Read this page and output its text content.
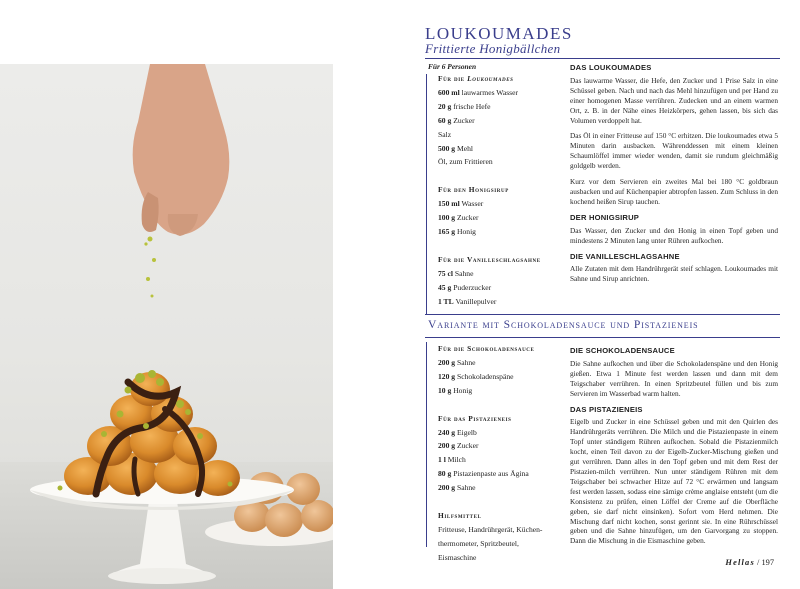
LOUKOUMADES
Frittierte Honigbällchen
Für 6 Personen
Für die Loukoumades
600 ml lauwarmes Wasser
20 g frische Hefe
60 g Zucker
Salz
500 g Mehl
Öl, zum Frittieren
Für den Honigsirup
150 ml Wasser
100 g Zucker
165 g Honig
Für die Vanilleschlagsahne
75 cl Sahne
45 g Puderzucker
1 TL Vanillepulver
DAS LOUKOUMADES
Das lauwarme Wasser, die Hefe, den Zucker und 1 Prise Salz in eine Schüssel geben. Nach und nach das Mehl hinzufügen und per Hand zu einer homogenen Masse verrühren. Zudecken und an einem warmen Ort, z. B. in der Nähe eines Heizkörpers, gehen lassen, bis sich das Volumen verdoppelt hat.
Das Öl in einer Fritteuse auf 150 °C erhitzen. Die loukoumades etwa 5 Minuten darin ausbacken. Währenddessen mit einem kleinen Schaumlöffel immer wieder wenden, damit sie rundum gleichmäßig goldgelb werden.
Kurz vor dem Servieren ein zweites Mal bei 180 °C goldbraun ausbacken und auf Küchenpapier abtropfen lassen. Zum Schluss in den kochend heißen Sirup tauchen.
DER HONIGSIRUP
Das Wasser, den Zucker und den Honig in einen Topf geben und mindestens 2 Minuten lang unter Rühren aufkochen.
DIE VANILLESCHLAGSAHNE
Alle Zutaten mit dem Handrührgerät steif schlagen. Loukoumades mit Sahne und Sirup anrichten.
Variante mit Schokoladensauce und Pistazieneis
Für die Schokoladensauce
200 g Sahne
120 g Schokoladenspäne
10 g Honig
Für das Pistazieneis
240 g Eigelb
200 g Zucker
1 l Milch
80 g Pistazienpaste aus Ägina
200 g Sahne
Hilfsmittel
Fritteuse, Handrührgerät, Küchen-
thermometer, Spritzbeutel,
Eismaschine
DIE SCHOKOLADENSAUCE
Die Sahne aufkochen und über die Schokoladenspäne und den Honig gießen. Etwa 1 Minute fest werden lassen und dann mit dem Teigschaber verrühren. In einen Spritzbeutel füllen und bis zum Servieren im Wasserbad warm halten.
DAS PISTAZIENEIS
Eigelb und Zucker in eine Schüssel geben und mit den Quirlen des Handrührgeräts verrühren. Die Milch und die Pistazienpaste in einem Topf unter ständigem Rühren aufkochen. Sobald die Pistazienmilch kocht, einen Teil davon zu der Eigelb-Zucker-Mischung gießen und gut verrühren. Dann alles in den Topf geben und mit dem Rest der Pistazien-milch verrühren. Nun unter ständigem Rühren mit dem Teigschaber bei schwacher Hitze auf 72 °C erwärmen und langsam fest werden lassen, sodass eine sämige crème anglaise entsteht (um die Konsistenz zu prüfen, einen Löffel der Creme auf die Oberfläche geben, sie darf nicht einsinken). Sofort vom Herd nehmen. Die Mischung darf nicht kochen, sonst gerinnt sie. In eine Rührschüssel geben und die Sahne hinzufügen, um den Garvorgang zu stoppen. Dann die Mischung in die Eismaschine geben.
Hellas / 197
